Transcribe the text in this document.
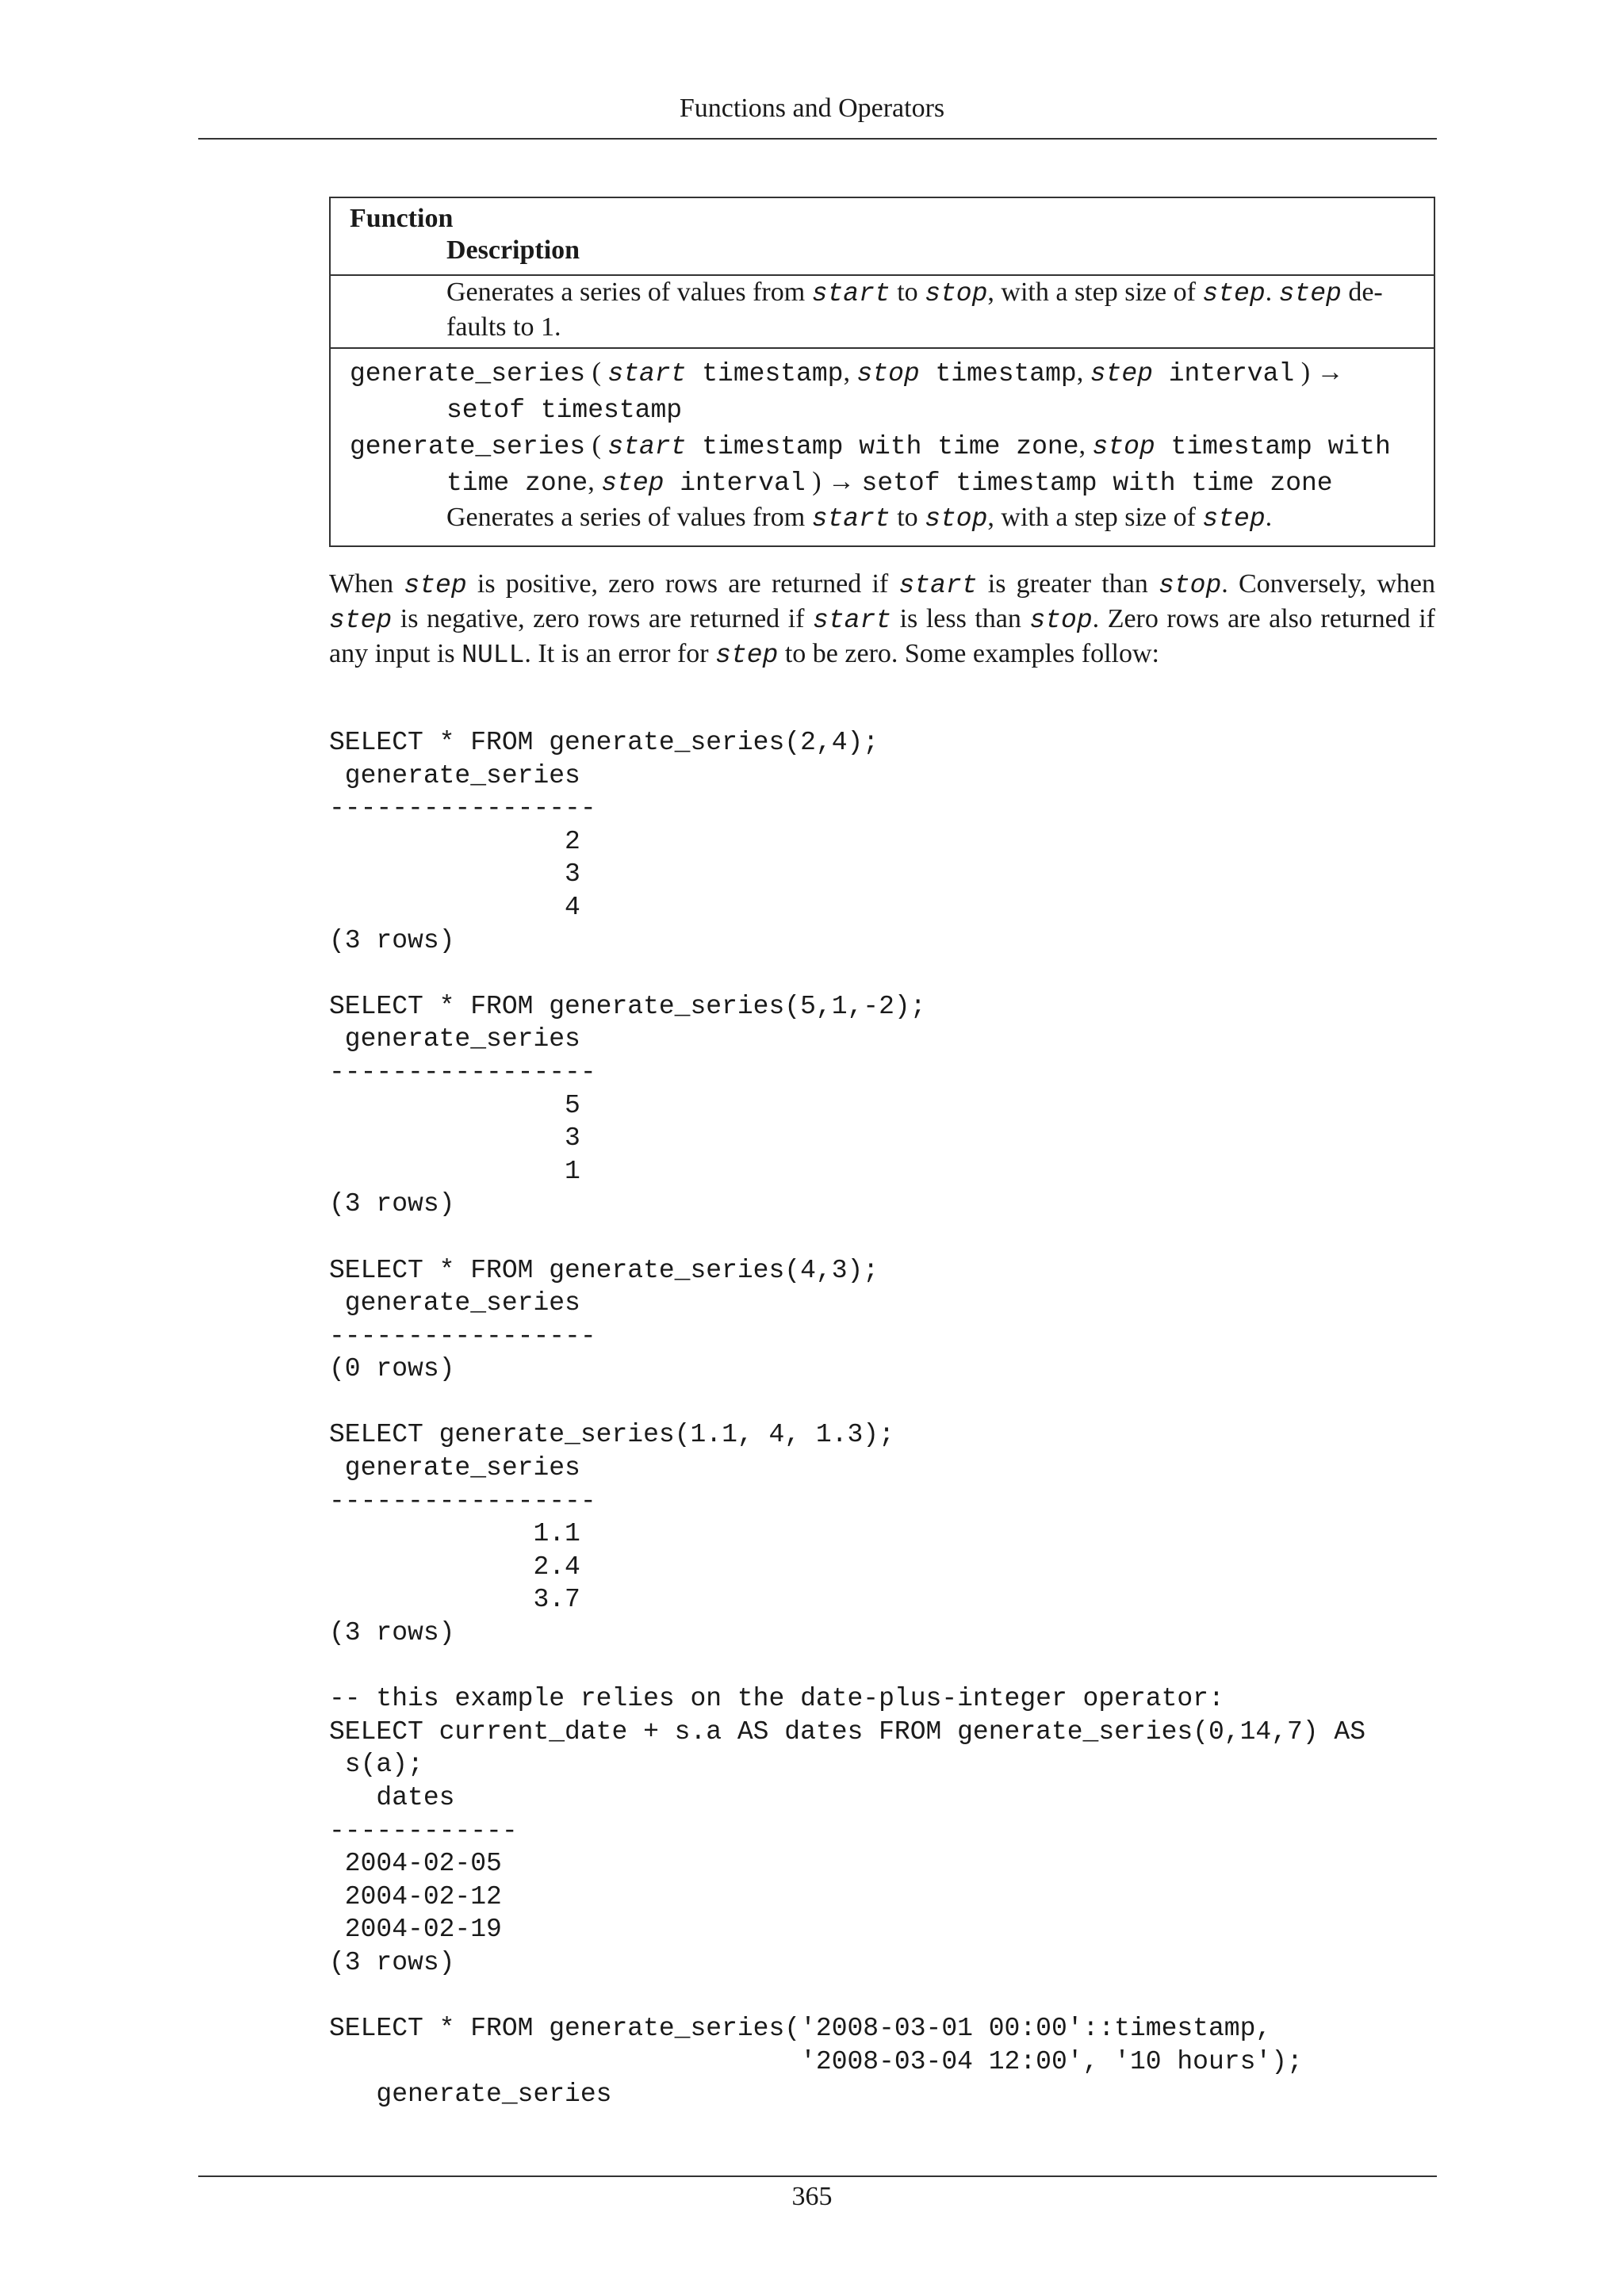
Functions and Operators
Function
Description
Generates a series of values from start to stop, with a step size of step. step de-
faults to 1.
generate_series ( start timestamp, stop timestamp, step interval ) → setof timestamp
generate_series ( start timestamp with time zone, stop timestamp with time zone, step interval ) → setof timestamp with time zone
Generates a series of values from start to stop, with a step size of step.
When step is positive, zero rows are returned if start is greater than stop. Conversely, when step is negative, zero rows are returned if start is less than stop. Zero rows are also returned if any input is NULL. It is an error for step to be zero. Some examples follow:
SELECT * FROM generate_series(2,4);
generate_series
-----------------
2
3
4
(3 rows)

SELECT * FROM generate_series(5,1,-2);
generate_series
-----------------
5
3
1
(3 rows)

SELECT * FROM generate_series(4,3);
generate_series
-----------------
(0 rows)

SELECT generate_series(1.1, 4, 1.3);
generate_series
-----------------
1.1
2.4
3.7
(3 rows)

-- this example relies on the date-plus-integer operator:
SELECT current_date + s.a AS dates FROM generate_series(0,14,7) AS
s(a);
dates
------------
2004-02-05
2004-02-12
2004-02-19
(3 rows)

SELECT * FROM generate_series('2008-03-01 00:00'::timestamp,
'2008-03-04 12:00', '10 hours');
generate_series
365
